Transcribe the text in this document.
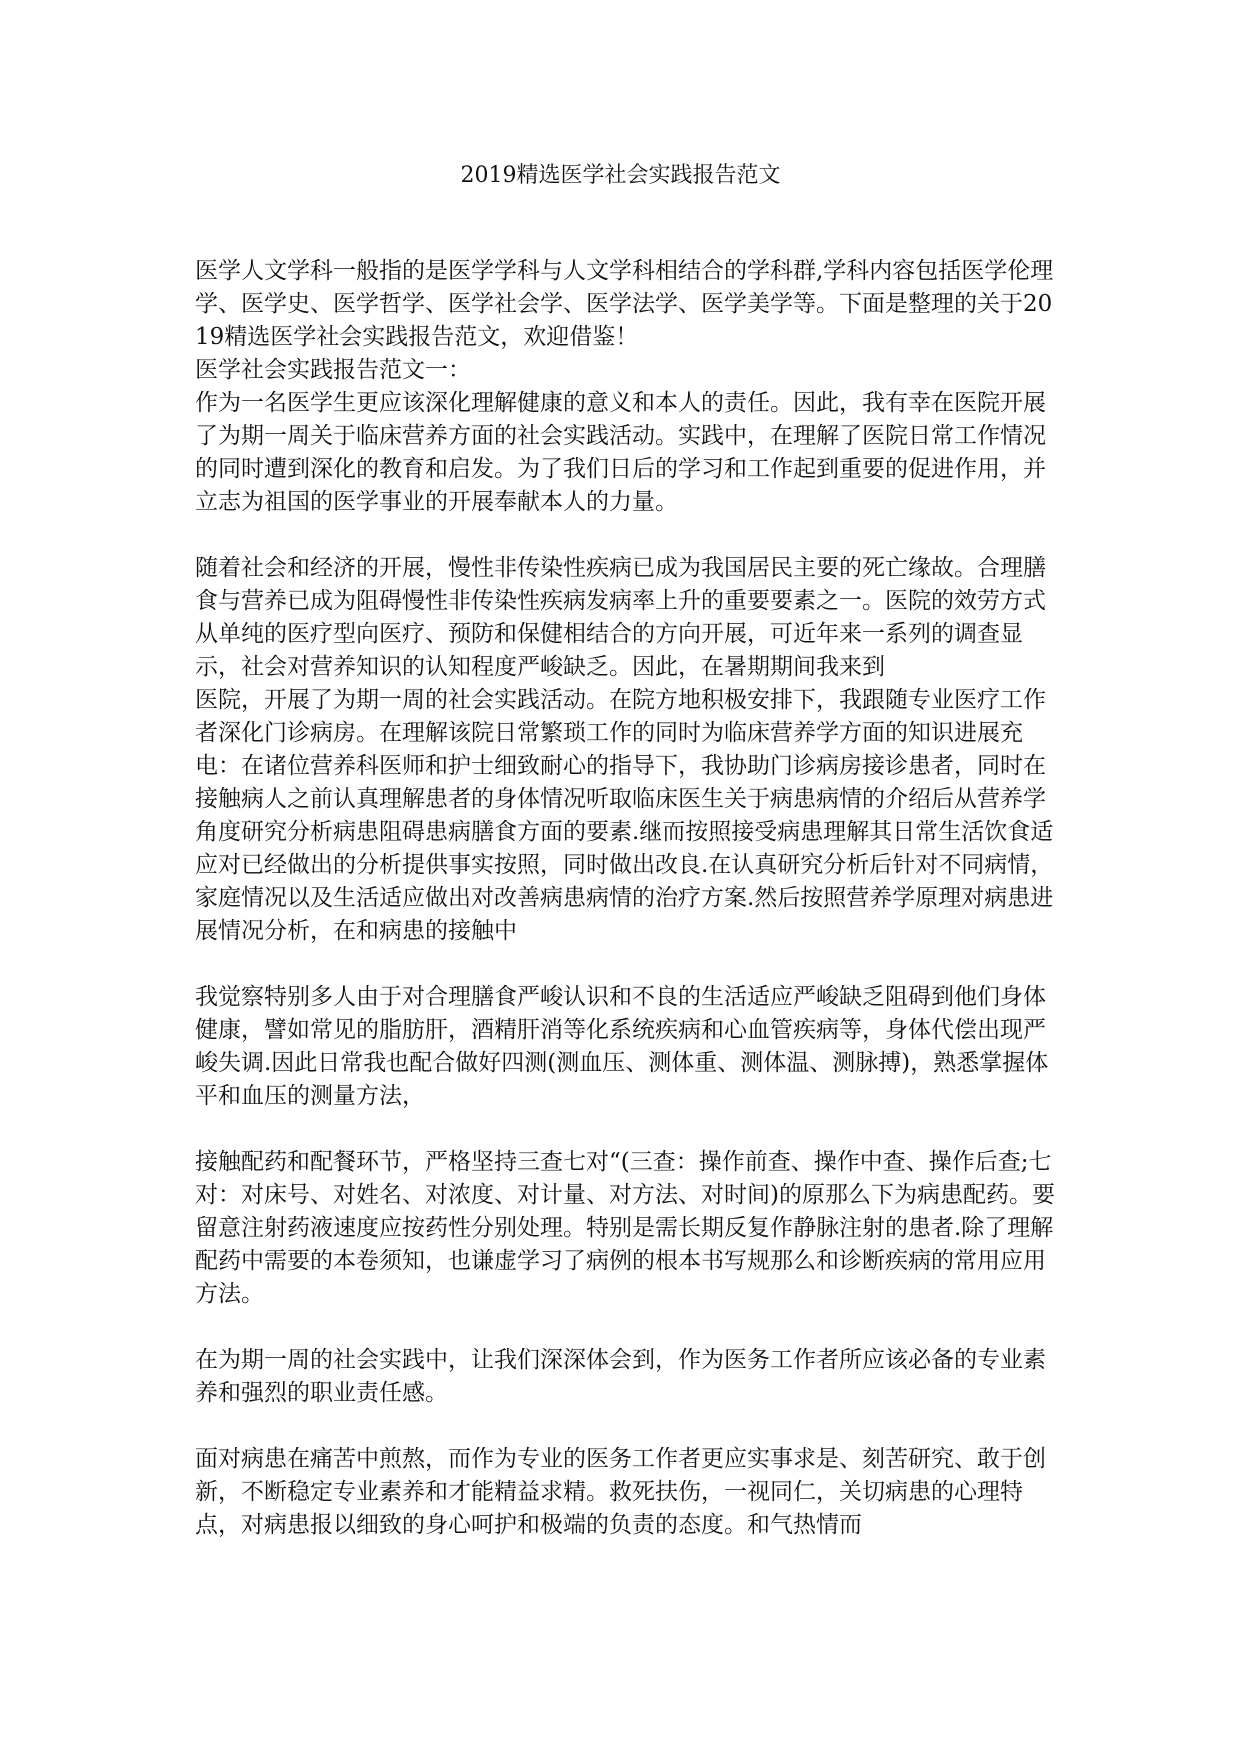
2019精选医学社会实践报告范文

医学人文学科一般指的是医学学科与人文学科相结合的学科群,学科内容包括医学伦理学、医学史、医学哲学、医学社会学、医学法学、医学美学等。下面是整理的关于2019精选医学社会实践报告范文，欢迎借鉴！

医学社会实践报告范文一：

作为一名医学生更应该深化理解健康的意义和本人的责任。因此，我有幸在医院开展了为期一周关于临床营养方面的社会实践活动。实践中，在理解了医院日常工作情况的同时遭到深化的教育和启发。为了我们日后的学习和工作起到重要的促进作用，并立志为祖国的医学事业的开展奉献本人的力量。

随着社会和经济的开展，慢性非传染性疾病已成为我国居民主要的死亡缘故。合理膳食与营养已成为阻碍慢性非传染性疾病发病率上升的重要要素之一。医院的效劳方式从单纯的医疗型向医疗、预防和保健相结合的方向开展，可近年来一系列的调查显示，社会对营养知识的认知程度严峻缺乏。因此，在暑期期间我来到

医院，开展了为期一周的社会实践活动。在院方地积极安排下，我跟随专业医疗工作者深化门诊病房。在理解该院日常繁琐工作的同时为临床营养学方面的知识进展充电：在诸位营养科医师和护士细致耐心的指导下，我协助门诊病房接诊患者，同时在接触病人之前认真理解患者的身体情况听取临床医生关于病患病情的介绍后从营养学角度研究分析病患阻碍患病膳食方面的要素.继而按照接受病患理解其日常生活饮食适应对已经做出的分析提供事实按照，同时做出改良.在认真研究分析后针对不同病情，家庭情况以及生活适应做出对改善病患病情的治疗方案.然后按照营养学原理对病患进展情况分析，在和病患的接触中

我觉察特别多人由于对合理膳食严峻认识和不良的生活适应严峻缺乏阻碍到他们身体健康，譬如常见的脂肪肝，酒精肝消等化系统疾病和心血管疾病等，身体代偿出现严峻失调.因此日常我也配合做好四测(测血压、测体重、测体温、测脉搏)，熟悉掌握体平和血压的测量方法，

接触配药和配餐环节，严格坚持三查七对“(三查：操作前查、操作中查、操作后查;七对：对床号、对姓名、对浓度、对计量、对方法、对时间)的原那么下为病患配药。要留意注射药液速度应按药性分别处理。特别是需长期反复作静脉注射的患者.除了理解配药中需要的本卷须知，也谦虚学习了病例的根本书写规那么和诊断疾病的常用应用方法。

在为期一周的社会实践中，让我们深深体会到，作为医务工作者所应该必备的专业素养和强烈的职业责任感。

面对病患在痛苦中煎熬，而作为专业的医务工作者更应实事求是、刻苦研究、敢于创新，不断稳定专业素养和才能精益求精。救死扶伤，一视同仁，关切病患的心理特点，对病患报以细致的身心呵护和极端的负责的态度。和气热情而
